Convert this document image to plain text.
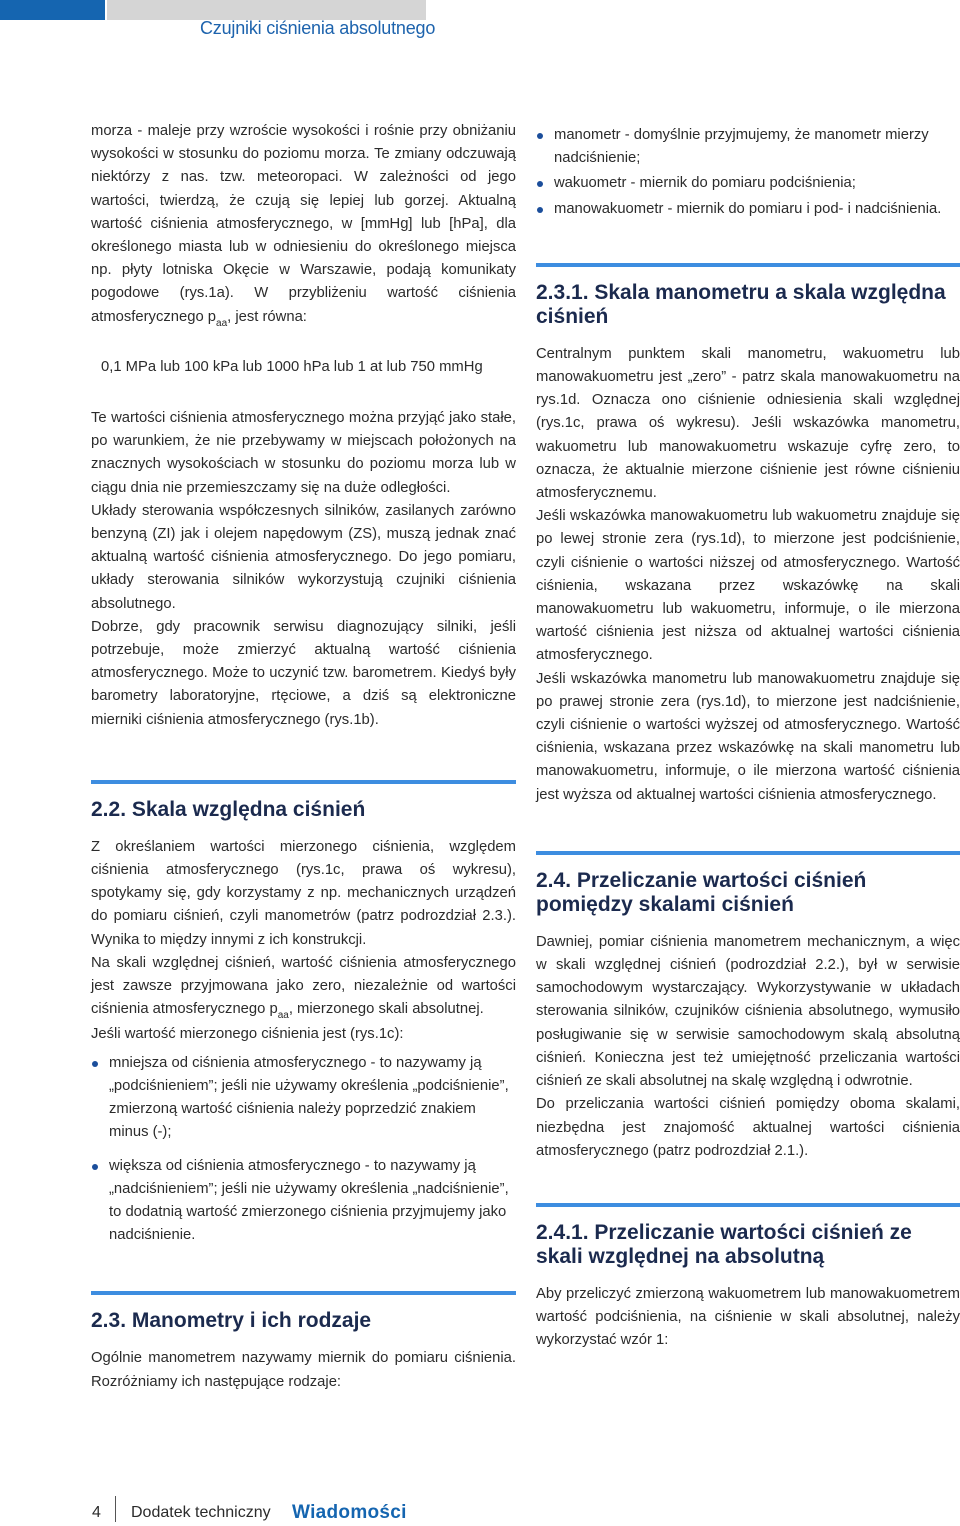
Czujniki ciśnienia absolutnego

morza - maleje przy wzroście wysokości i rośnie przy obniżaniu wysokości w stosunku do poziomu morza. Te zmiany odczuwają niektórzy z nas. tzw. meteoropaci. W zależności od jego wartości, twierdzą, że czują się lepiej lub gorzej. Aktualną wartość ciśnienia atmosferycznego, w [mmHg] lub [hPa], dla określonego miasta lub w odniesieniu do określonego miejsca np. płyty lotniska Okęcie w Warszawie, podają komunikaty pogodowe (rys.1a). W przybliżeniu wartość ciśnienia atmosferycznego $p_{aa}$, jest równa:

0,1 MPa lub 100 kPa lub 1000 hPa lub 1 at lub 750 mmHg

Te wartości ciśnienia atmosferycznego można przyjąć jako stałe, po warunkiem, że nie przebywamy w miejscach położonych na znacznych wysokościach w stosunku do poziomu morza lub w ciągu dnia nie przemieszczamy się na duże odległości.

Układy sterowania współczesnych silników, zasilanych zarówno benzyną (ZI) jak i olejem napędowym (ZS), muszą jednak znać aktualną wartość ciśnienia atmosferycznego. Do jego pomiaru, układy sterowania silników wykorzystują czujniki ciśnienia absolutnego.

Dobrze, gdy pracownik serwisu diagnozujący silniki, jeśli potrzebuje, może zmierzyć aktualną wartość ciśnienia atmosferycznego. Może to uczynić tzw. barometrem. Kiedyś były barometry laboratoryjne, rtęciowe, a dziś są elektroniczne mierniki ciśnienia atmosferycznego (rys.1b).

2.2. Skala względna ciśnień

Z określaniem wartości mierzonego ciśnienia, względem ciśnienia atmosferycznego (rys.1c, prawa oś wykresu), spotykamy się, gdy korzystamy z np. mechanicznych urządzeń do pomiaru ciśnień, czyli manometrów (patrz podrozdział 2.3.). Wynika to między innymi z ich konstrukcji.

Na skali względnej ciśnień, wartość ciśnienia atmosferycznego jest zawsze przyjmowana jako zero, niezależnie od wartości ciśnienia atmosferycznego $p_{aa}$, mierzonego skali absolutnej.

Jeśli wartość mierzonego ciśnienia jest (rys.1c):

mniejsza od ciśnienia atmosferycznego - to nazywamy ją „podciśnieniem”; jeśli nie używamy określenia „podciśnienie”, zmierzoną wartość ciśnienia należy poprzedzić znakiem minus (-);
większa od ciśnienia atmosferycznego - to nazywamy ją „nadciśnieniem”; jeśli nie używamy określenia „nadciśnienie”, to dodatnią wartość zmierzonego ciśnienia przyjmujemy jako nadciśnienie.
2.3. Manometry i ich rodzaje

Ogólnie manometrem nazywamy miernik do pomiaru ciśnienia. Rozróżniamy ich następujące rodzaje:

manometr - domyślnie przyjmujemy, że manometr mierzy nadciśnienie;
wakuometr - miernik do pomiaru podciśnienia;
manowakuometr - miernik do pomiaru i pod- i nadciśnienia.
2.3.1. Skala manometru a skala względna ciśnień

Centralnym punktem skali manometru, wakuometru lub manowakuometru jest „zero” - patrz skala manowakuometru na rys.1d. Oznacza ono ciśnienie odniesienia skali względnej (rys.1c, prawa oś wykresu). Jeśli wskazówka manometru, wakuometru lub manowakuometru wskazuje cyfrę zero, to oznacza, że aktualnie mierzone ciśnienie jest równe ciśnieniu atmosferycznemu.

Jeśli wskazówka manowakuometru lub wakuometru znajduje się po lewej stronie zera (rys.1d), to mierzone jest podciśnienie, czyli ciśnienie o wartości niższej od atmosferycznego. Wartość ciśnienia, wskazana przez wskazówkę na skali manowakuometru lub wakuometru, informuje, o ile mierzona wartość ciśnienia jest niższa od aktualnej wartości ciśnienia atmosferycznego.

Jeśli wskazówka manometru lub manowakuometru znajduje się po prawej stronie zera (rys.1d), to mierzone jest nadciśnienie, czyli ciśnienie o wartości wyższej od atmosferycznego. Wartość ciśnienia, wskazana przez wskazówkę na skali manometru lub manowakuometru, informuje, o ile mierzona wartość ciśnienia jest wyższa od aktualnej wartości ciśnienia atmosferycznego.

2.4. Przeliczanie wartości ciśnień pomiędzy skalami ciśnień

Dawniej, pomiar ciśnienia manometrem mechanicznym, a więc w skali względnej ciśnień (podrozdział 2.2.), był w serwisie samochodowym wystarczający. Wykorzystywanie w układach sterowania silników, czujników ciśnienia absolutnego, wymusiło posługiwanie się w serwisie samochodowym skalą absolutną ciśnień. Konieczna jest też umiejętność przeliczania wartości ciśnień ze skali absolutnej na skalę względną i odwrotnie.

Do przeliczania wartości ciśnień pomiędzy oboma skalami, niezbędna jest znajomość aktualnej wartości ciśnienia atmosferycznego (patrz podrozdział 2.1.).

2.4.1. Przeliczanie wartości ciśnień ze skali względnej na absolutną

Aby przeliczyć zmierzoną wakuometrem lub manowakuometrem wartość podciśnienia, na ciśnienie w skali absolutnej, należy wykorzystać wzór 1:

4 Dodatek techniczny Wiadomości
